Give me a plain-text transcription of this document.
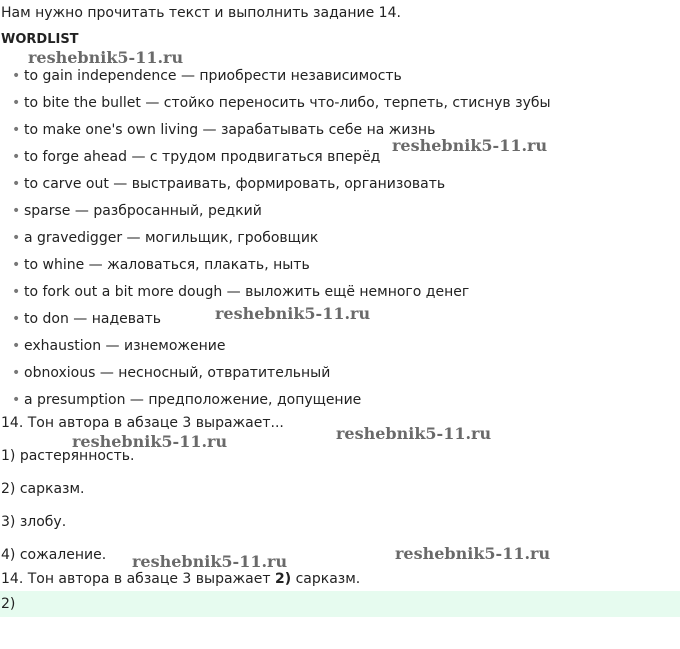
Нам нужно прочитать текст и выполнить задание 14.
WORDLIST
• to gain independence — приобрести независимость
• to bite the bullet — стойко переносить что-либо, терпеть, стиснув зубы
• to make one's own living — зарабатывать себе на жизнь
• to forge ahead — с трудом продвигаться вперёд
• to carve out — выстраивать, формировать, организовать
• sparse — разбросанный, редкий
• a gravedigger — могильщик, гробовщик
• to whine — жаловаться, плакать, ныть
• to fork out a bit more dough — выложить ещё немного денег
• to don — надевать
• exhaustion — изнеможение
• obnoxious — несносный, отвратительный
• a presumption — предположение, допущение
14. Тон автора в абзаце 3 выражает...
1) растерянность.
2) сарказм.
3) злобу.
4) сожаление.
14. Тон автора в абзаце 3 выражает 2) сарказм.
2)
reshebnik5-11.ru
reshebnik5-11.ru
reshebnik5-11.ru
reshebnik5-11.ru
reshebnik5-11.ru
reshebnik5-11.ru
reshebnik5-11.ru
